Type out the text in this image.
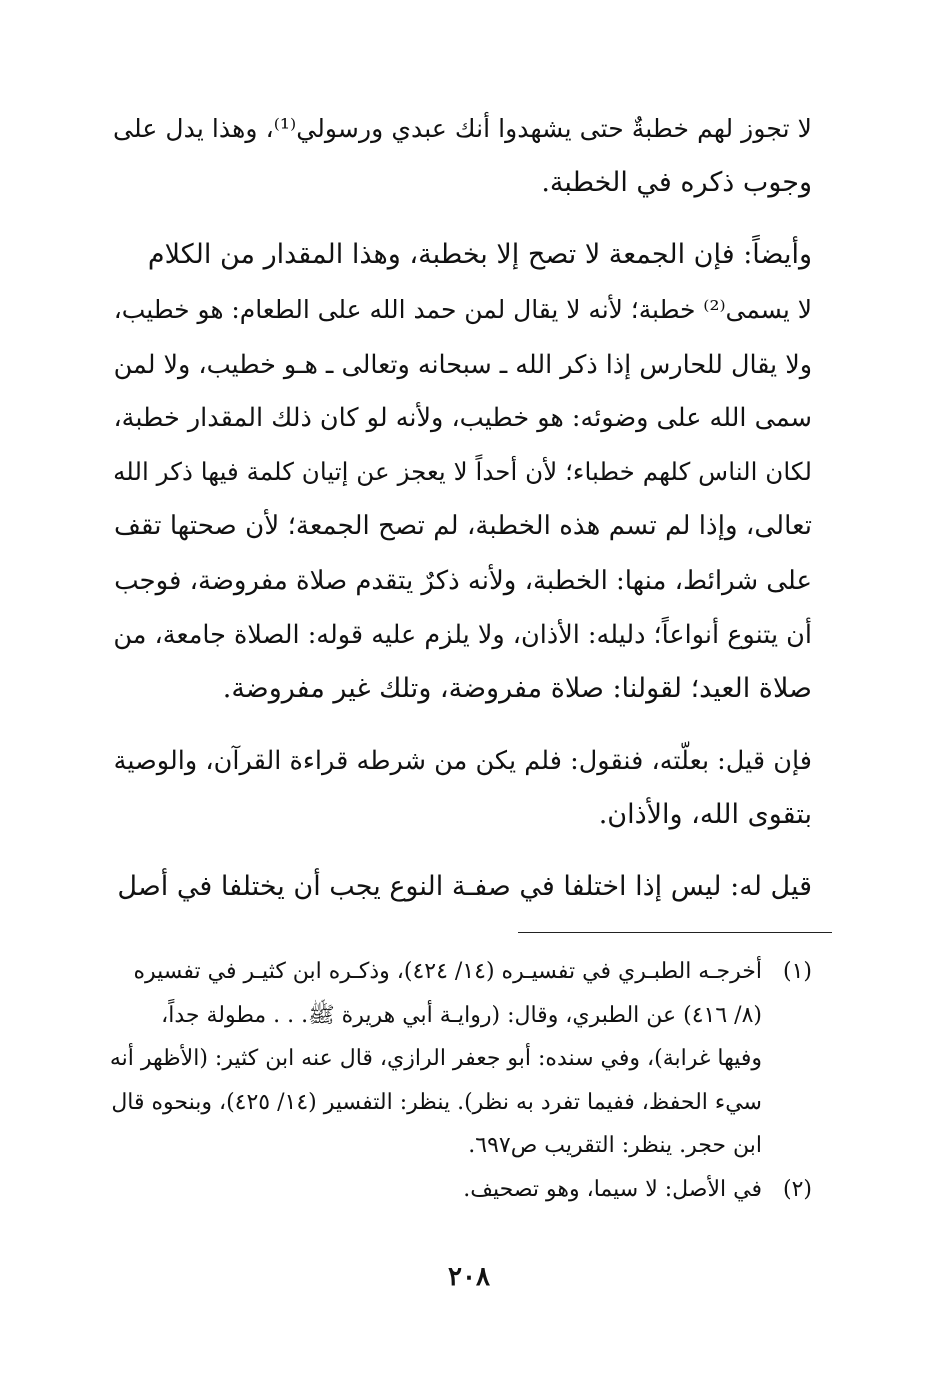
لا تجوز لهم خطبةٌ حتى يشهدوا أنك عبدي ورسولي⁽¹⁾، وهذا يدل على
وجوب ذكره في الخطبة.
وأيضاً: فإن الجمعة لا تصح إلا بخطبة، وهذا المقدار من الكلام
لا يسمى⁽²⁾ خطبة؛ لأنه لا يقال لمن حمد الله على الطعام: هو خطيب،
ولا يقال للحارس إذا ذكر الله ـ سبحانه وتعالى ـ هـو خطيب، ولا لمن
سمى الله على وضوئه: هو خطيب، ولأنه لو كان ذلك المقدار خطبة،
لكان الناس كلهم خطباء؛ لأن أحداً لا يعجز عن إتيان كلمة فيها ذكر الله
تعالى، وإذا لم تسم هذه الخطبة، لم تصح الجمعة؛ لأن صحتها تقف
على شرائط، منها: الخطبة، ولأنه ذكرٌ يتقدم صلاة مفروضة، فوجب
أن يتنوع أنواعاً؛ دليله: الأذان، ولا يلزم عليه قوله: الصلاة جامعة، من
صلاة العيد؛ لقولنا: صلاة مفروضة، وتلك غير مفروضة.
فإن قيل: بعلّته، فنقول: فلم يكن من شرطه قراءة القرآن، والوصية
بتقوى الله، والأذان.
قيل له: ليس إذا اختلفا في صفـة النوع يجب أن يختلفا في أصل
(١)
أخرجـه الطبـري في تفسيـره (١٤/ ٤٢٤)، وذكـره ابن كثيـر في تفسيره
(٨/ ٤١٦) عن الطبري، وقال: (روايـة أبي هريرة ﷺ. . . مطولة جداً،
وفيها غرابة)، وفي سنده: أبو جعفر الرازي، قال عنه ابن كثير: (الأظهر أنه
سيء الحفظ، ففيما تفرد به نظر). ينظر: التفسير (١٤/ ٤٢٥)، وبنحوه قال
ابن حجر. ينظر: التقريب ص٦٩٧.
(٢)
في الأصل: لا سيما، وهو تصحيف.
٢٠٨
